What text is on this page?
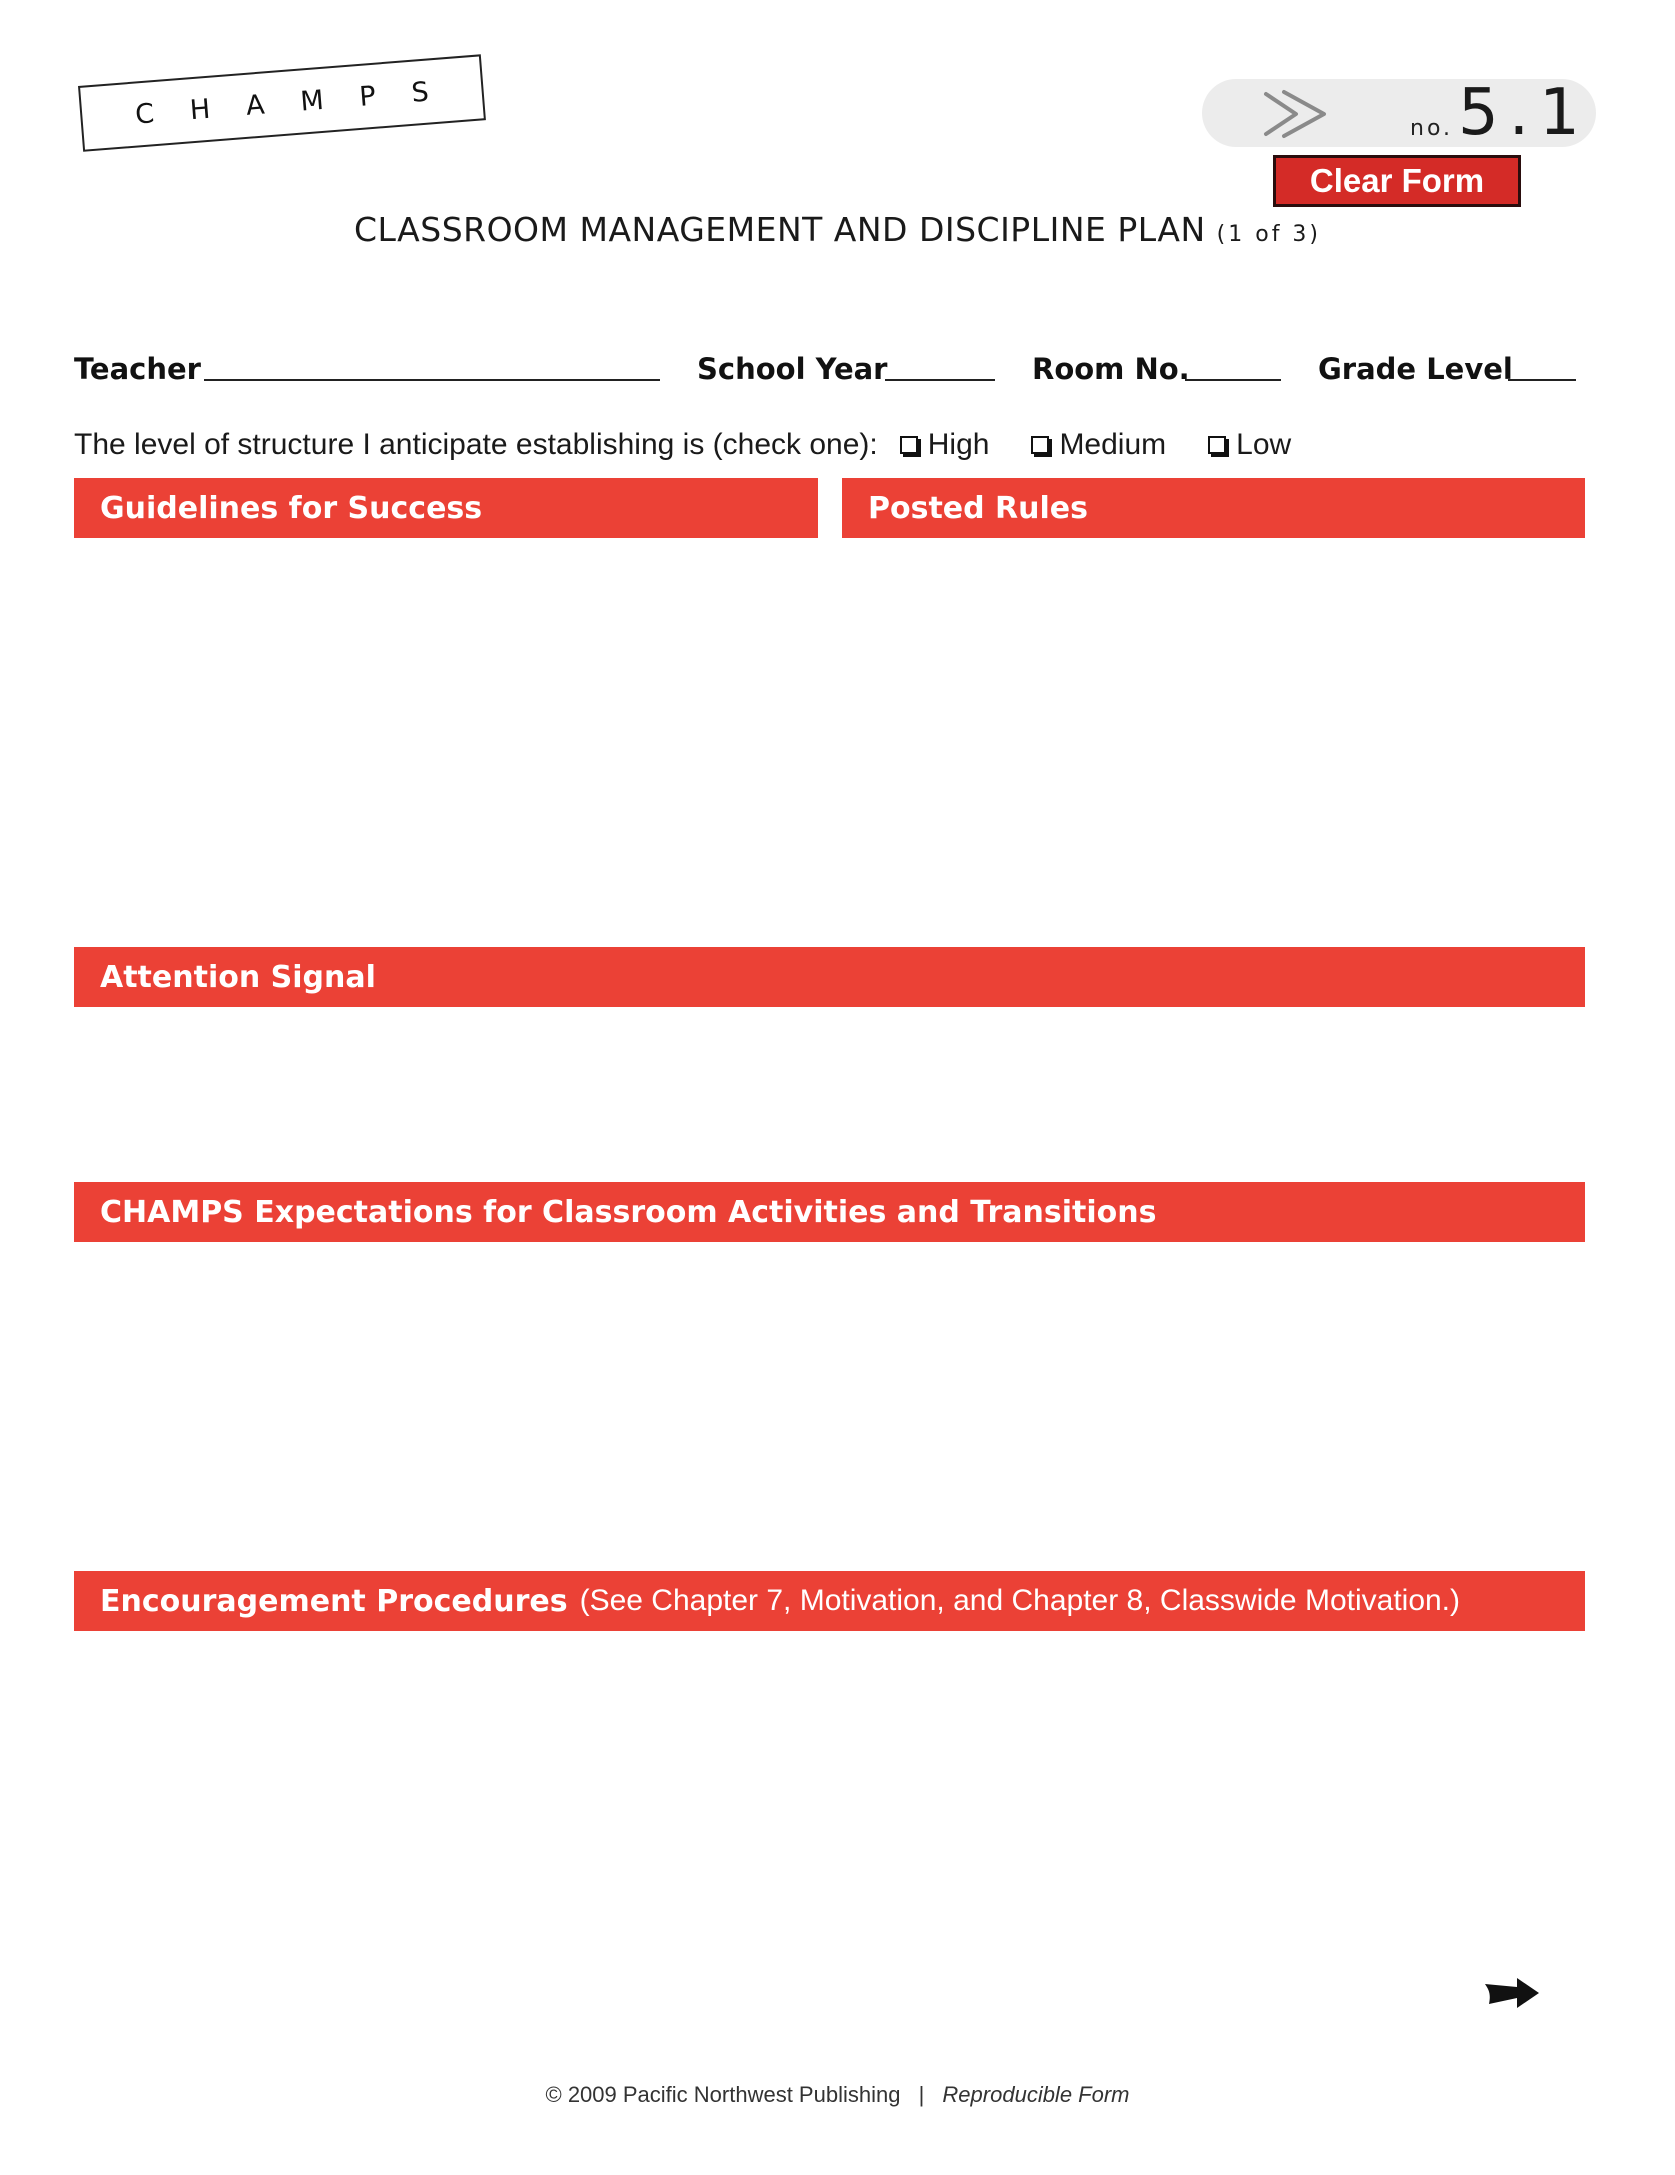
CHAMPS	no. 5.1
Clear Form
CLASSROOM MANAGEMENT AND DISCIPLINE PLAN (1 of 3)
Teacher	School Year	Room No.	Grade Level
The level of structure I anticipate establishing is (check one): High Medium Low
Guidelines for Success	Posted Rules
Attention Signal
CHAMPS Expectations for Classroom Activities and Transitions
Encouragement Procedures (See Chapter 7, Motivation, and Chapter 8, Classwide Motivation.)
© 2009 Pacific Northwest Publishing | Reproducible Form
